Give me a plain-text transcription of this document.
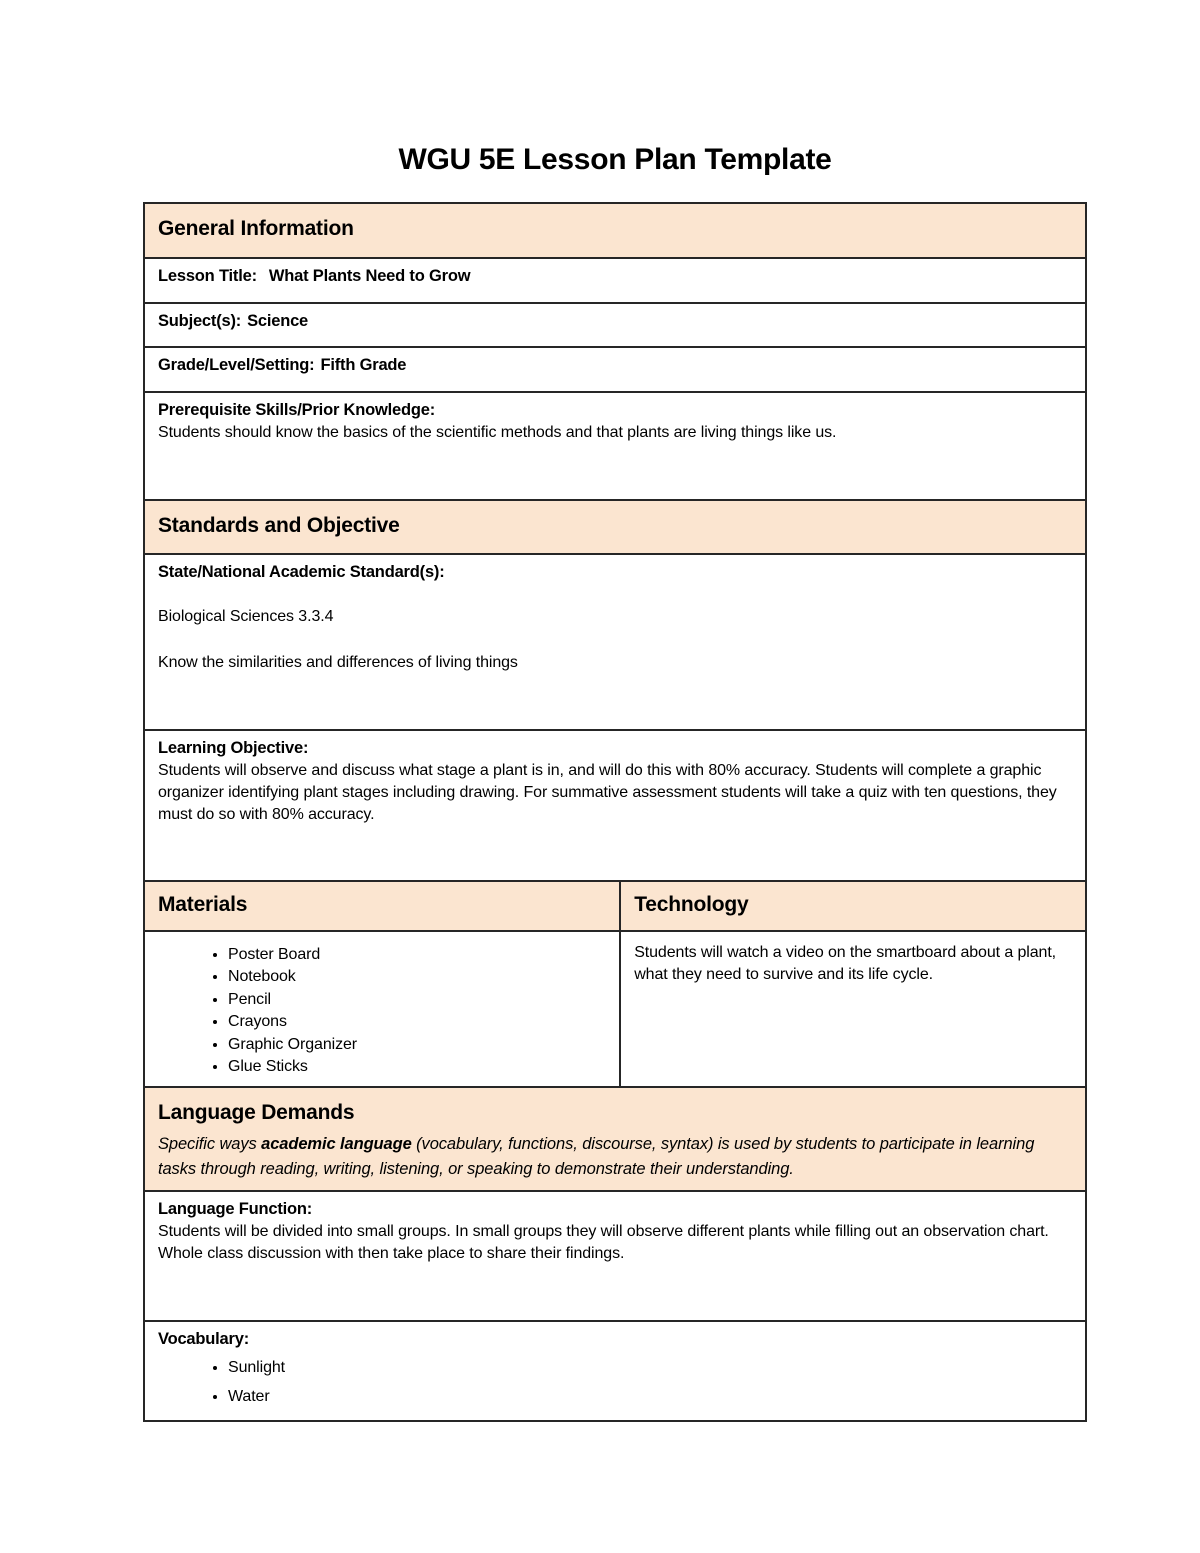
WGU 5E Lesson Plan Template
General Information
Lesson Title: What Plants Need to Grow
Subject(s): Science
Grade/Level/Setting: Fifth Grade
Prerequisite Skills/Prior Knowledge:
Students should know the basics of the scientific methods and that plants are living things like us.
Standards and Objective
State/National Academic Standard(s):
Biological Sciences 3.3.4
Know the similarities and differences of living things
Learning Objective:
Students will observe and discuss what stage a plant is in, and will do this with 80% accuracy. Students will complete a graphic organizer identifying plant stages including drawing. For summative assessment students will take a quiz with ten questions, they must do so with 80% accuracy.
Materials	Technology
• Poster Board
• Notebook
• Pencil
• Crayons
• Graphic Organizer
• Glue Sticks
Students will watch a video on the smartboard about a plant, what they need to survive and its life cycle.
Language Demands
Specific ways academic language (vocabulary, functions, discourse, syntax) is used by students to participate in learning tasks through reading, writing, listening, or speaking to demonstrate their understanding.
Language Function:
Students will be divided into small groups. In small groups they will observe different plants while filling out an observation chart. Whole class discussion with then take place to share their findings.
Vocabulary:
• Sunlight
• Water
